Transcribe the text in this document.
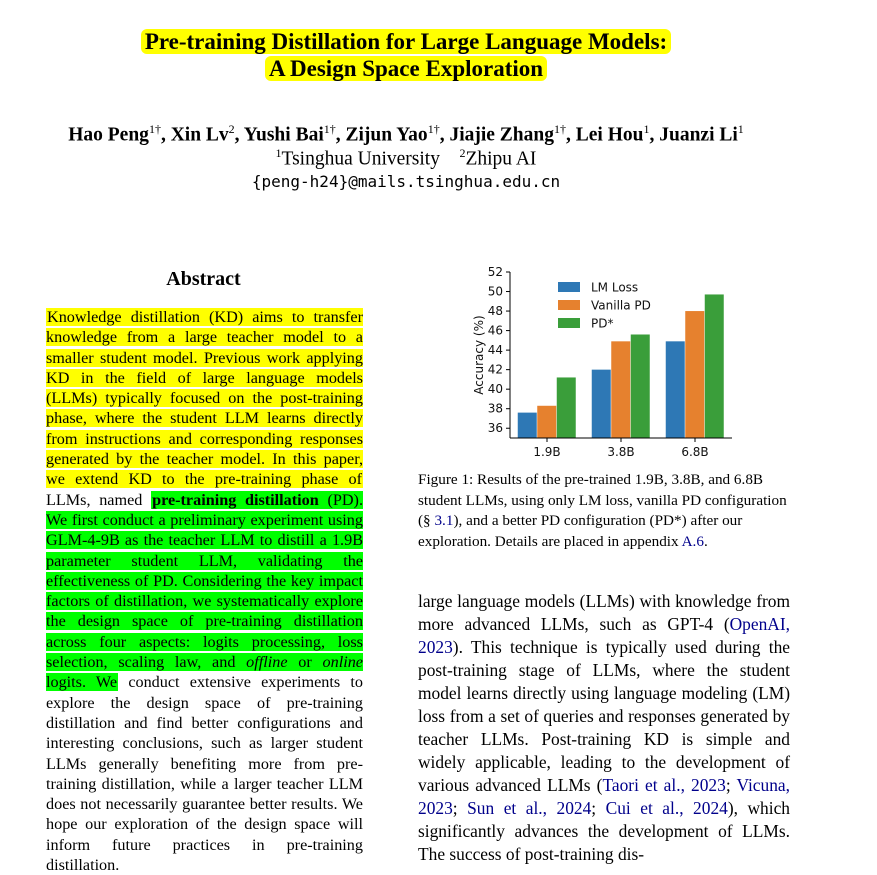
Pre-training Distillation for Large Language Models:
A Design Space Exploration
Hao Peng$^{1\dagger}$, Xin Lv$^2$, Yushi Bai$^{1\dagger}$, Zijun Yao$^{1\dagger}$, Jiajie Zhang$^{1\dagger}$, Lei Hou$^1$, Juanzi Li$^1$
$^1$Tsinghua University $^2$Zhipu AI
{peng-h24}@mails.tsinghua.edu.cn
Abstract
Knowledge distillation (KD) aims to transfer knowledge from a large teacher model to a smaller student model. Previous work applying KD in the field of large language models (LLMs) typically focused on the post-training phase, where the student LLM learns directly from instructions and corresponding responses generated by the teacher model. In this paper, we extend KD to the pre-training phase of LLMs, named pre-training distillation (PD). We first conduct a preliminary experiment using GLM-4-9B as the teacher LLM to distill a 1.9B parameter student LLM, validating the effectiveness of PD. Considering the key impact factors of distillation, we systematically explore the design space of pre-training distillation across four aspects: logits processing, loss selection, scaling law, and offline or online logits. We conduct extensive experiments to explore the design space of pre-training distillation and find better configurations and interesting conclusions, such as larger student LLMs generally benefiting more from pre-training distillation, while a larger teacher LLM does not necessarily guarantee better results. We hope our exploration of the design space will inform future practices in pre-training distillation.
36
38
40
42
44
46
48
50
52
1.9B	3.8B	6.8B
Accuracy (%)
LM Loss
Vanilla PD
PD*
Figure 1: Results of the pre-trained 1.9B, 3.8B, and 6.8B student LLMs, using only LM loss, vanilla PD configuration (§ 3.1), and a better PD configuration (PD*) after our exploration. Details are placed in appendix A.6.
large language models (LLMs) with knowledge from more advanced LLMs, such as GPT-4 (OpenAI, 2023). This technique is typically used during the post-training stage of LLMs, where the student model learns directly using language modeling (LM) loss from a set of queries and responses generated by teacher LLMs. Post-training KD is simple and widely applicable, leading to the development of various advanced LLMs (Taori et al., 2023; Vicuna, 2023; Sun et al., 2024; Cui et al., 2024), which significantly advances the development of LLMs. The success of post-training dis-
